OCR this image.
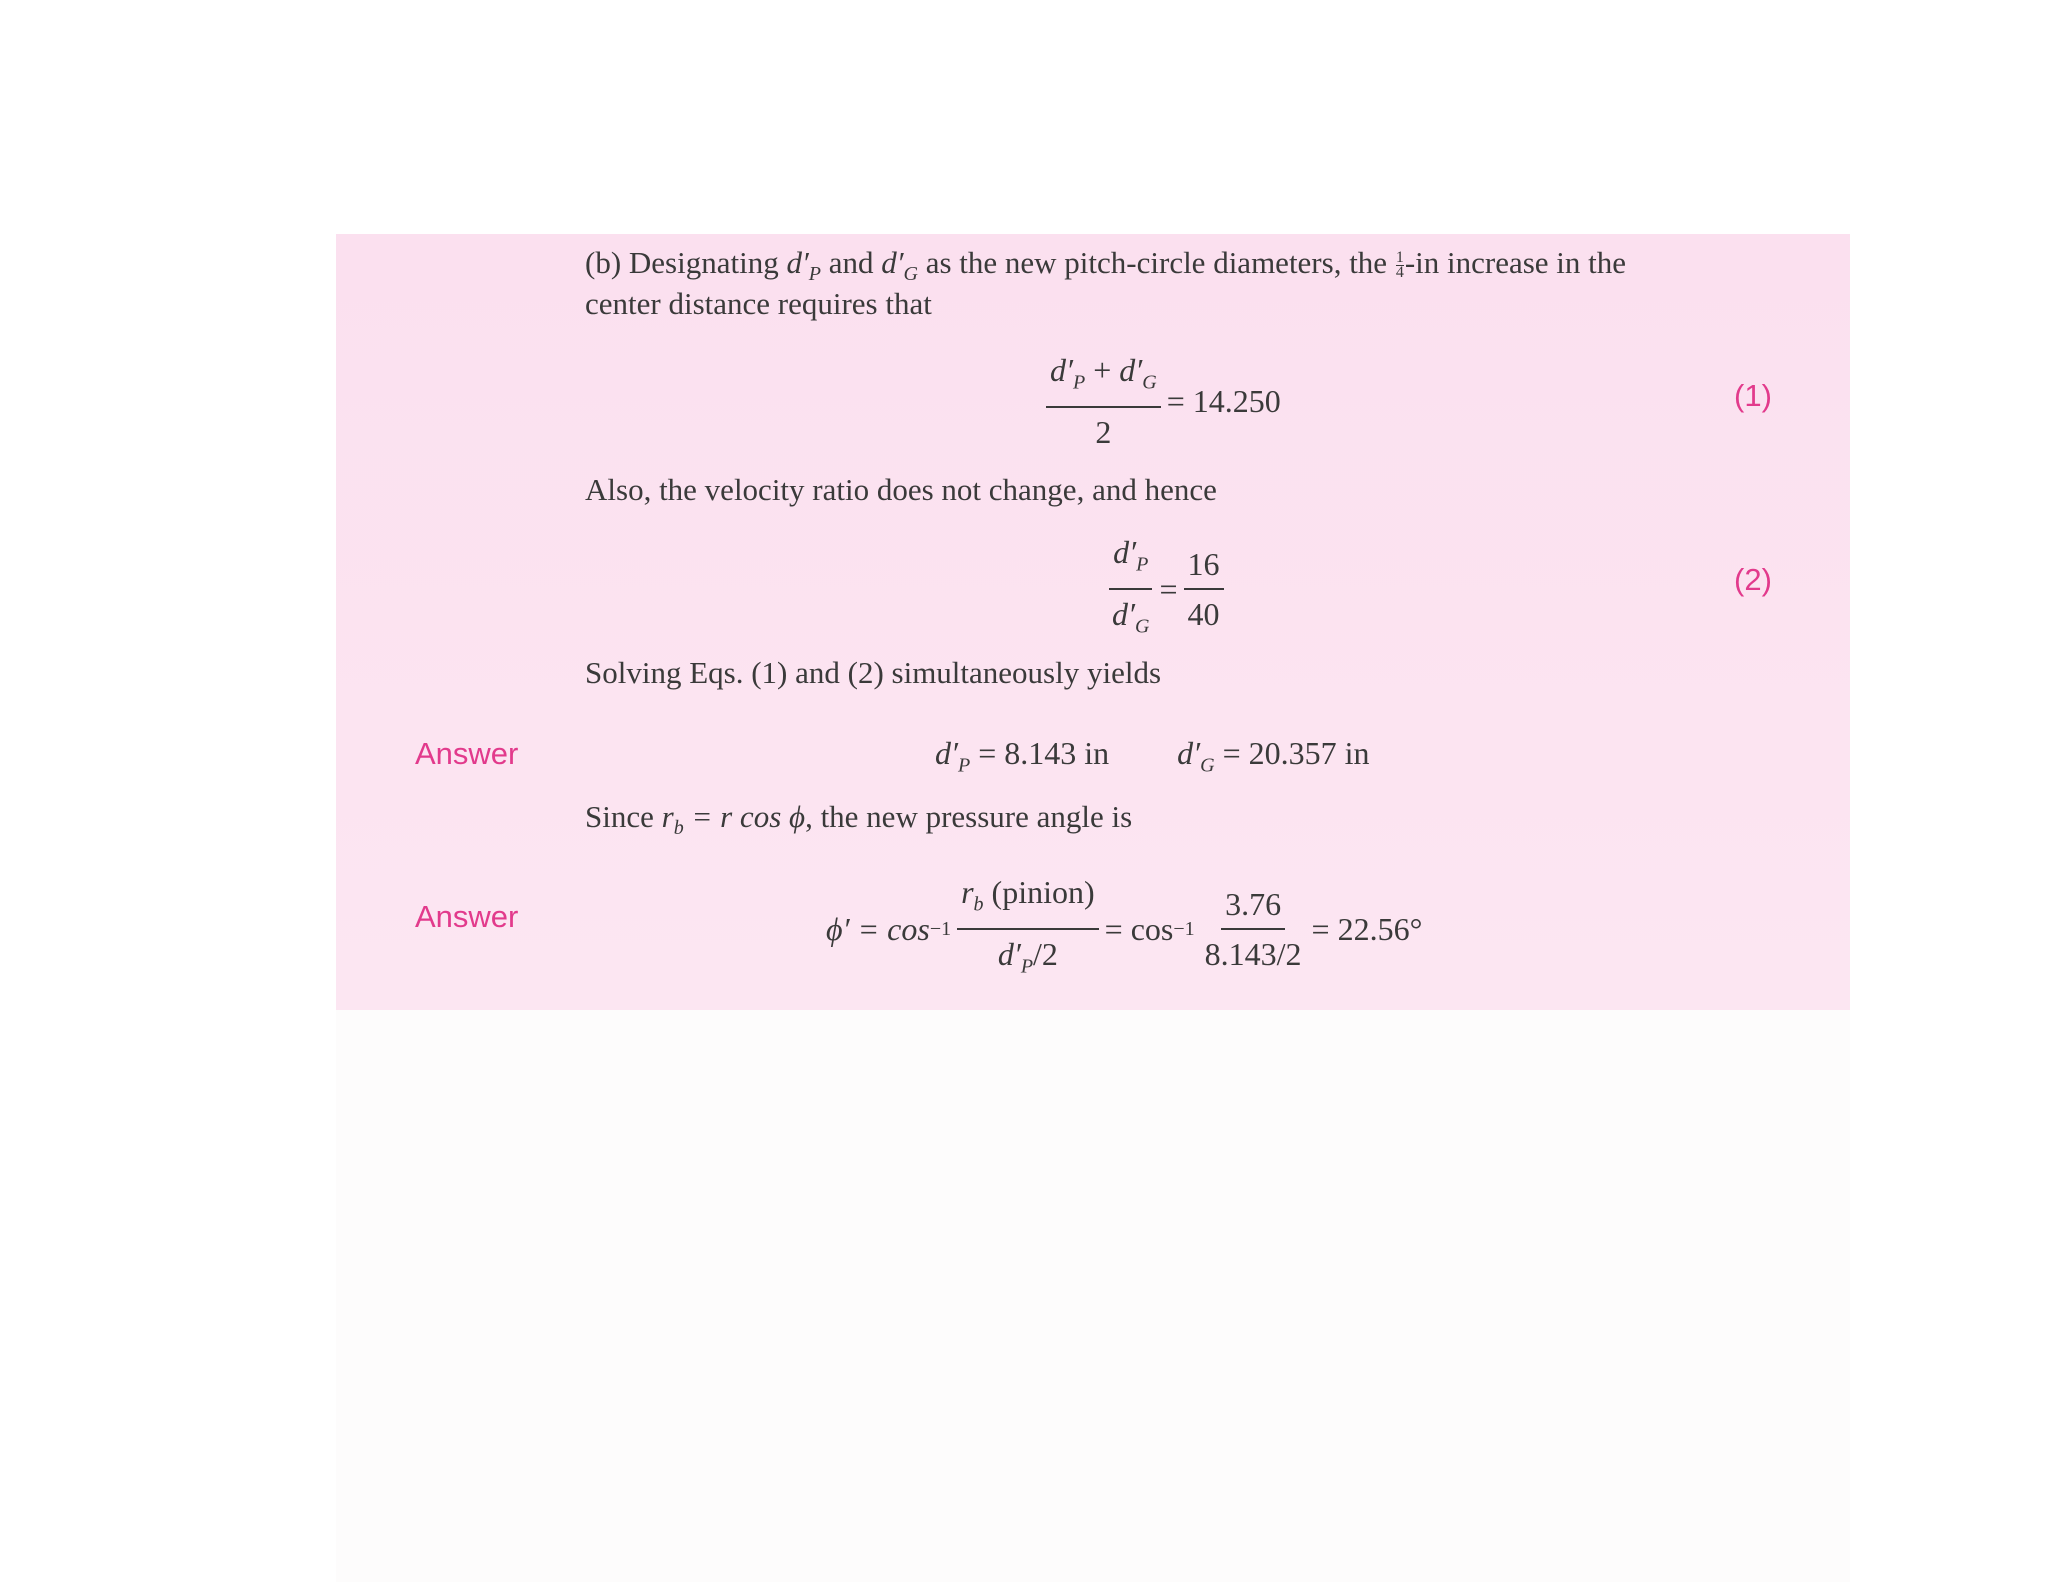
(b) Designating $d'_P$ and $d'_G$ as the new pitch-circle diameters, the $\frac{1}{4} -in$ increase in the
center distance requires that
$\frac{d'_P + d'_G}{2} = 14.250$	(1)
Also, the velocity ratio does not change, and hence
$\frac{d'_P}{d'_G} = \frac{16}{40}$	(2)
Solving Eqs. (1) and (2) simultaneously yields
Answer	$d'_P = 8.143$ in $d'_G = 20.357$ in
Since $r_b = r$ cos ϕ, the new pressure angle is
Answer	$\phi' = \cos -1 \frac{r_b (pinion)}{d'_P/2} = \cos -1 \frac{3.76}{8.143/2} = 22.56^\circ$
